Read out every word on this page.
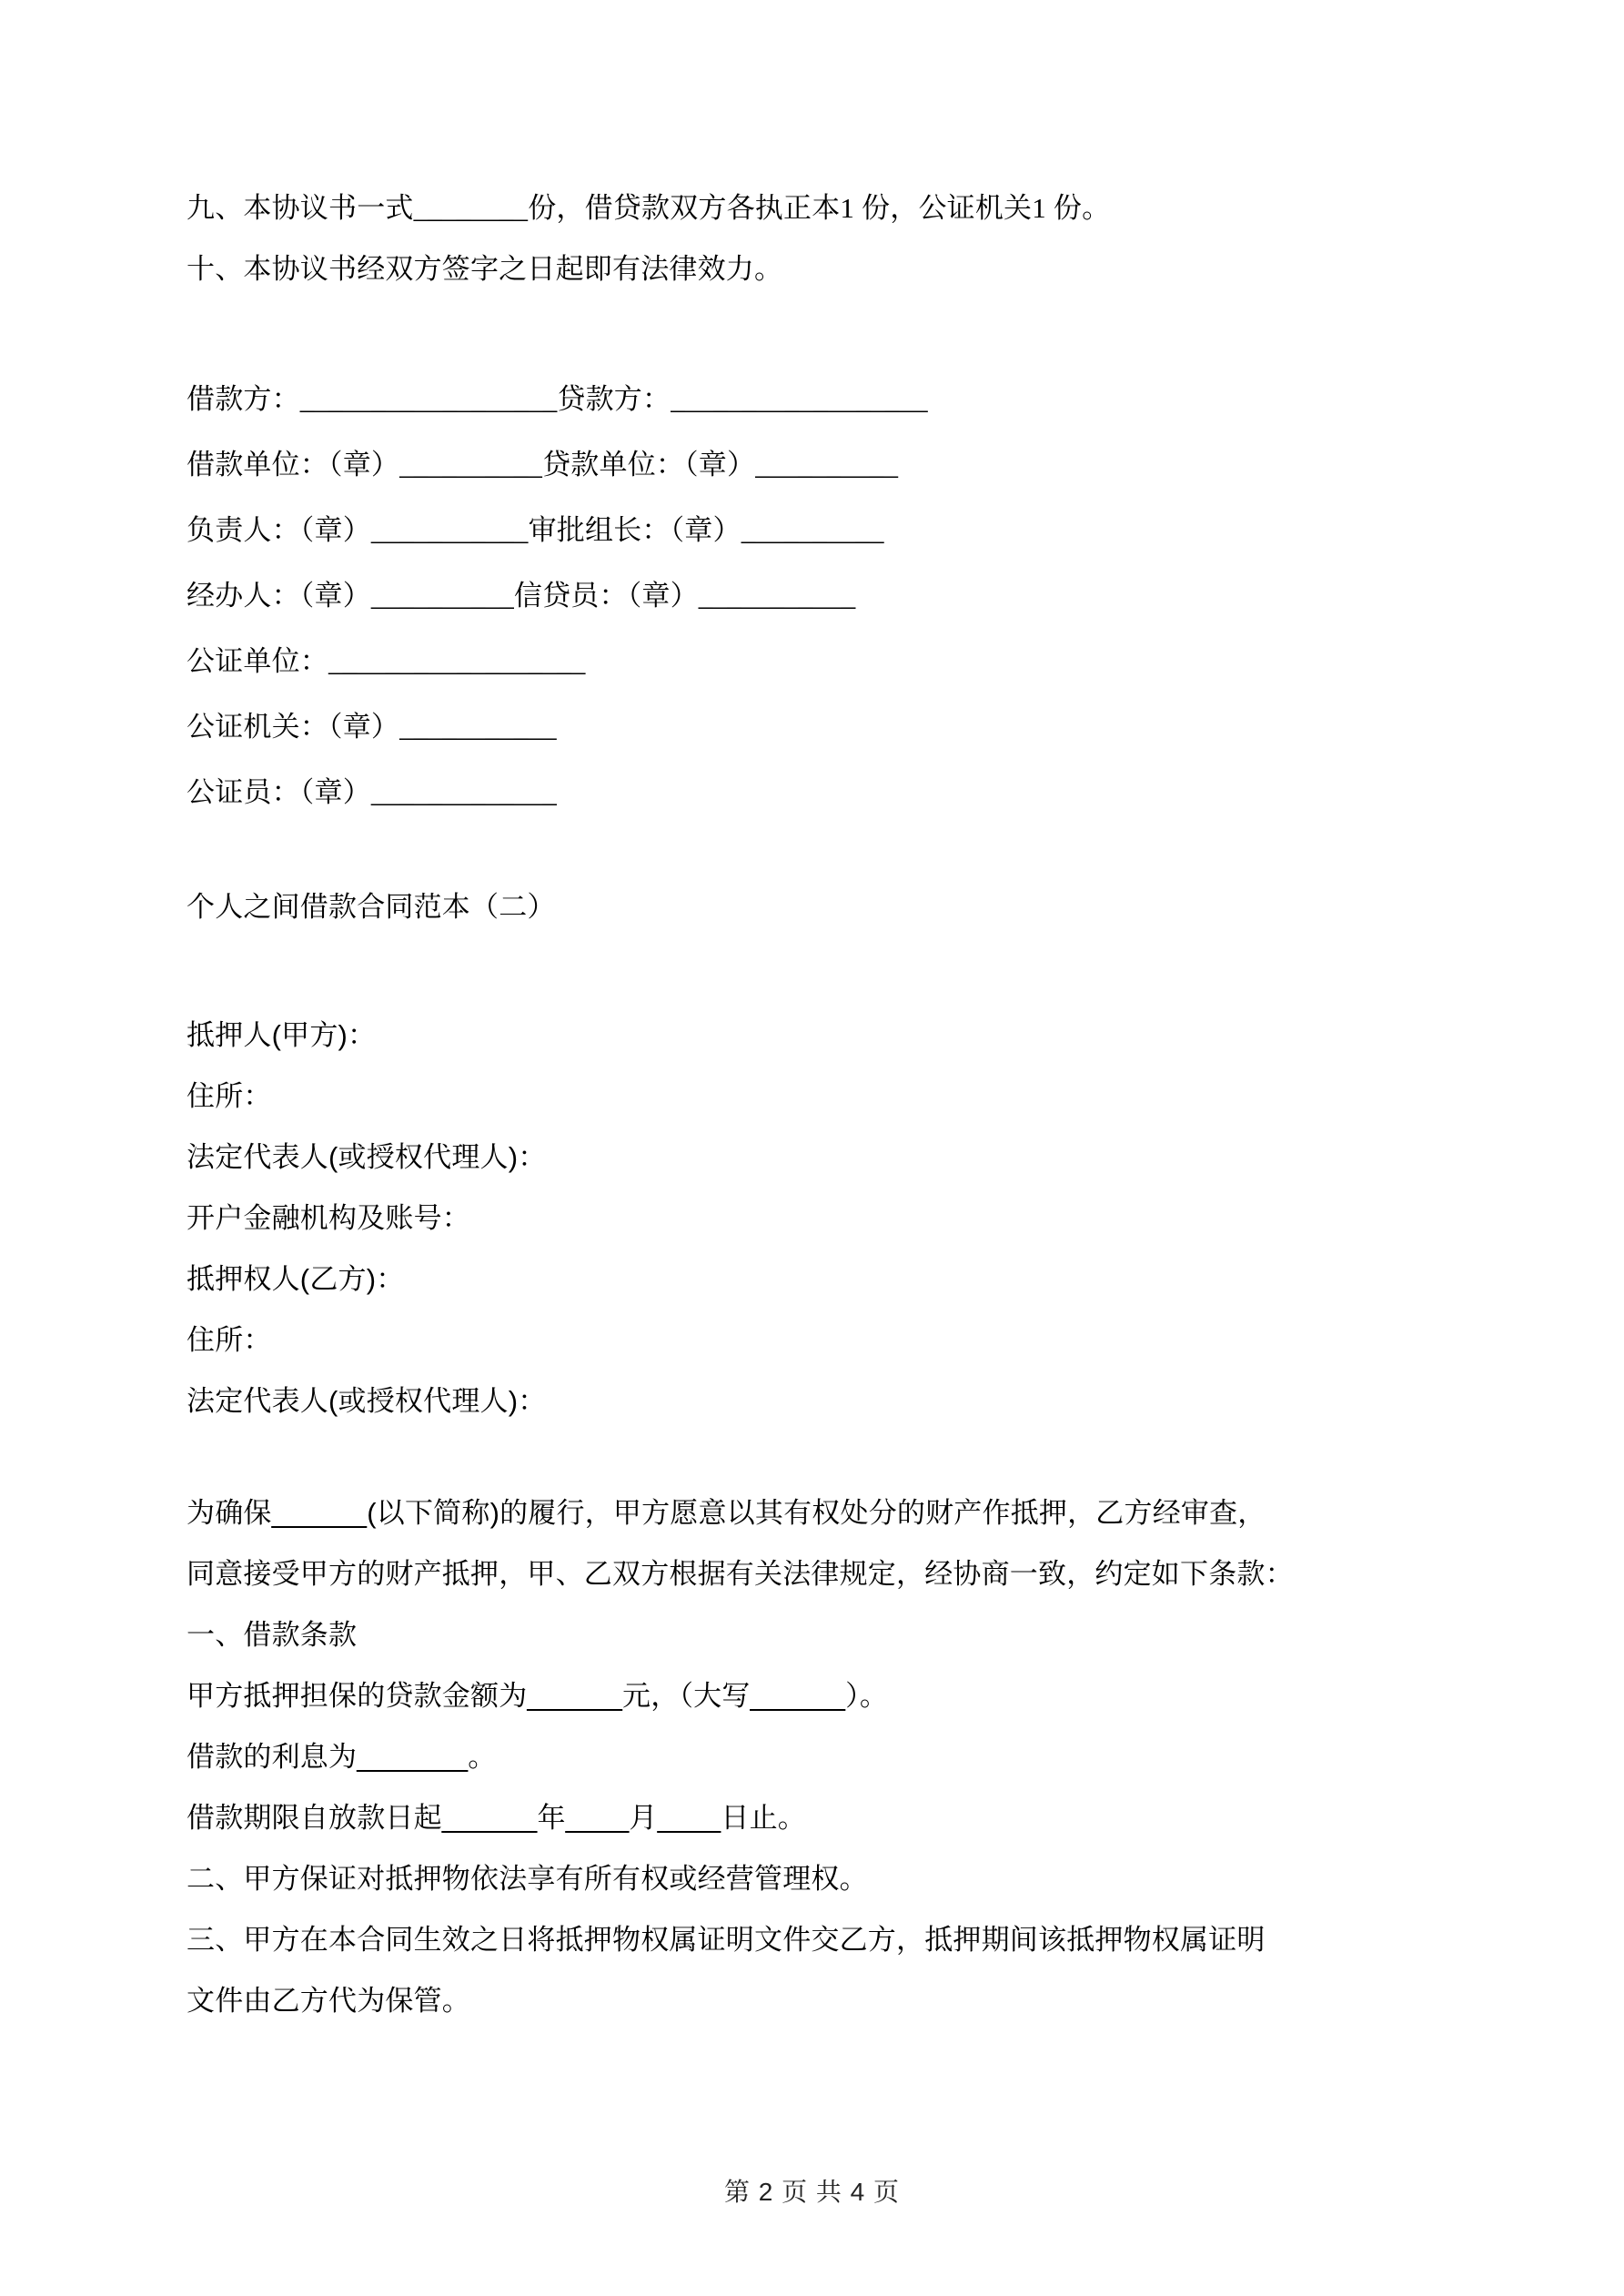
九、本协议书一式________份，借贷款双方各执正本1 份，公证机关1 份。
十、本协议书经双方签字之日起即有法律效力。
借款方：__________________贷款方：__________________
借款单位：（章）__________贷款单位：（章）__________
负责人：（章）___________审批组长：（章）__________
经办人：（章）__________信贷员：（章）___________
公证单位：__________________
公证机关：（章）___________
公证员：（章）_____________
个人之间借款合同范本（二）
抵押人(甲方)：
住所：
法定代表人(或授权代理人)：
开户金融机构及账号：
抵押权人(乙方)：
住所：
法定代表人(或授权代理人)：
为确保______(以下简称)的履行，甲方愿意以其有权处分的财产作抵押，乙方经审查，
同意接受甲方的财产抵押，甲、乙双方根据有关法律规定，经协商一致，约定如下条款：
一、借款条款
甲方抵押担保的贷款金额为______元，（大写______）。
借款的利息为_______。
借款期限自放款日起______年____月____日止。
二、甲方保证对抵押物依法享有所有权或经营管理权。
三、甲方在本合同生效之日将抵押物权属证明文件交乙方，抵押期间该抵押物权属证明
文件由乙方代为保管。
第 2 页 共 4 页
